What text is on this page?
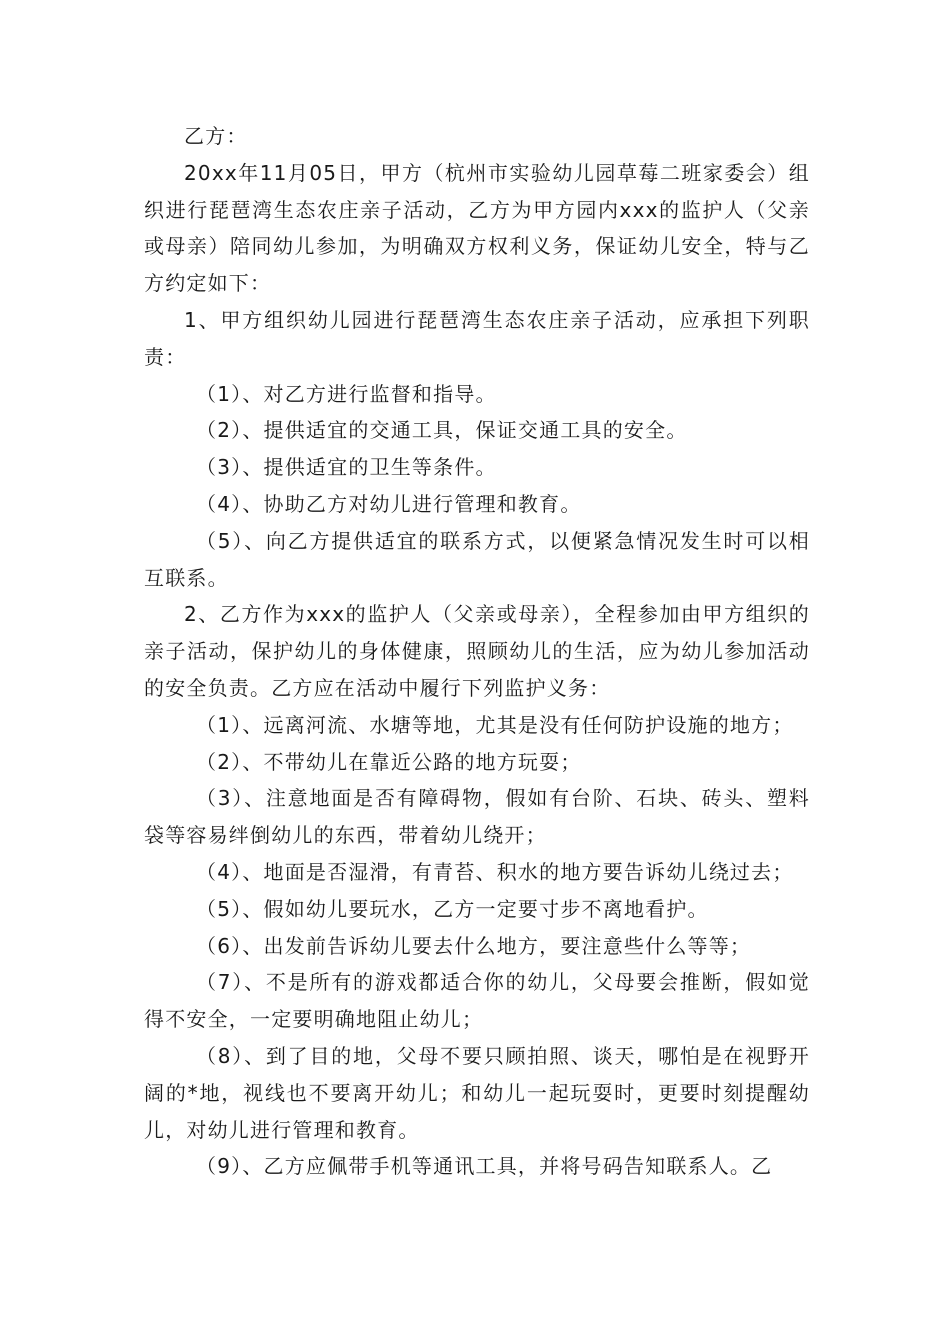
乙方：

20xx年11月05日，甲方（杭州市实验幼儿园草莓二班家委会）组织进行琵琶湾生态农庄亲子活动，乙方为甲方园内xxx的监护人（父亲或母亲）陪同幼儿参加，为明确双方权利义务，保证幼儿安全，特与乙方约定如下：

1、甲方组织幼儿园进行琵琶湾生态农庄亲子活动，应承担下列职责：

（1）、对乙方进行监督和指导。

（2）、提供适宜的交通工具，保证交通工具的安全。

（3）、提供适宜的卫生等条件。

（4）、协助乙方对幼儿进行管理和教育。

（5）、向乙方提供适宜的联系方式，以便紧急情况发生时可以相互联系。

2、乙方作为xxx的监护人（父亲或母亲），全程参加由甲方组织的亲子活动，保护幼儿的身体健康，照顾幼儿的生活，应为幼儿参加活动的安全负责。乙方应在活动中履行下列监护义务：

（1）、远离河流、水塘等地，尤其是没有任何防护设施的地方；

（2）、不带幼儿在靠近公路的地方玩耍；

（3）、注意地面是否有障碍物，假如有台阶、石块、砖头、塑料袋等容易绊倒幼儿的东西，带着幼儿绕开；

（4）、地面是否湿滑，有青苔、积水的地方要告诉幼儿绕过去；

（5）、假如幼儿要玩水，乙方一定要寸步不离地看护。

（6）、出发前告诉幼儿要去什么地方，要注意些什么等等；

（7）、不是所有的游戏都适合你的幼儿，父母要会推断，假如觉得不安全，一定要明确地阻止幼儿；

（8）、到了目的地，父母不要只顾拍照、谈天，哪怕是在视野开阔的*地，视线也不要离开幼儿；和幼儿一起玩耍时，更要时刻提醒幼儿，对幼儿进行管理和教育。

（9）、乙方应佩带手机等通讯工具，并将号码告知联系人。乙
